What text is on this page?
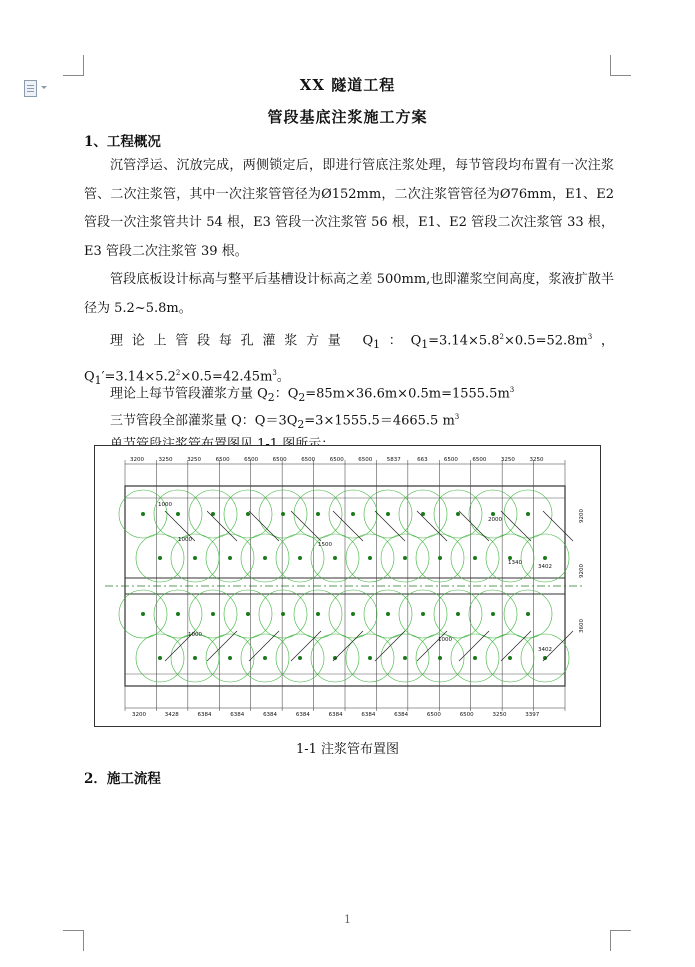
XX 隧道工程
管段基底注浆施工方案
1、工程概况
沉管浮运、沉放完成，两侧锁定后，即进行管底注浆处理，每节管段均布置有一次注浆管、二次注浆管，其中一次注浆管管径为Ø152mm，二次注浆管管径为Ø76mm，E1、E2 管段一次注浆管共计 54 根，E3 管段一次注浆管 56 根，E1、E2 管段二次注浆管 33 根，E3 管段二次注浆管 39 根。
管段底板设计标高与整平后基槽设计标高之差 500mm,也即灌浆空间高度，浆液扩散半径为 5.2~5.8m。
理论上管段每孔灌浆方量 $Q_1$：$Q_1=3.14\times 5.8^2\times 0.5=52.8m^3$，$Q_1'=3.14\times 5.2^2\times 0.5=42.45m^3$。
理论上每节管段灌浆方量 $Q_2$：$Q_2=85m\times 36.6m\times 0.5m=1555.5m^3$
三节管段全部灌浆量 Q：$Q=3Q_2=3\times 1555.5=4665.5$ $m^3$
3200	3250	3250	6500	6500	6500	6500	6500	6500	5837	663	6500	6500	3250	3250
3200	3428	6384	6384	6384	6384	6384	6384	6384	6500	6500	3250	3397
1000
1000
1000
1000
2000
1340
3402
3402
1500
9200
9200
3600
1-1 注浆管布置图
2．施工流程
1
